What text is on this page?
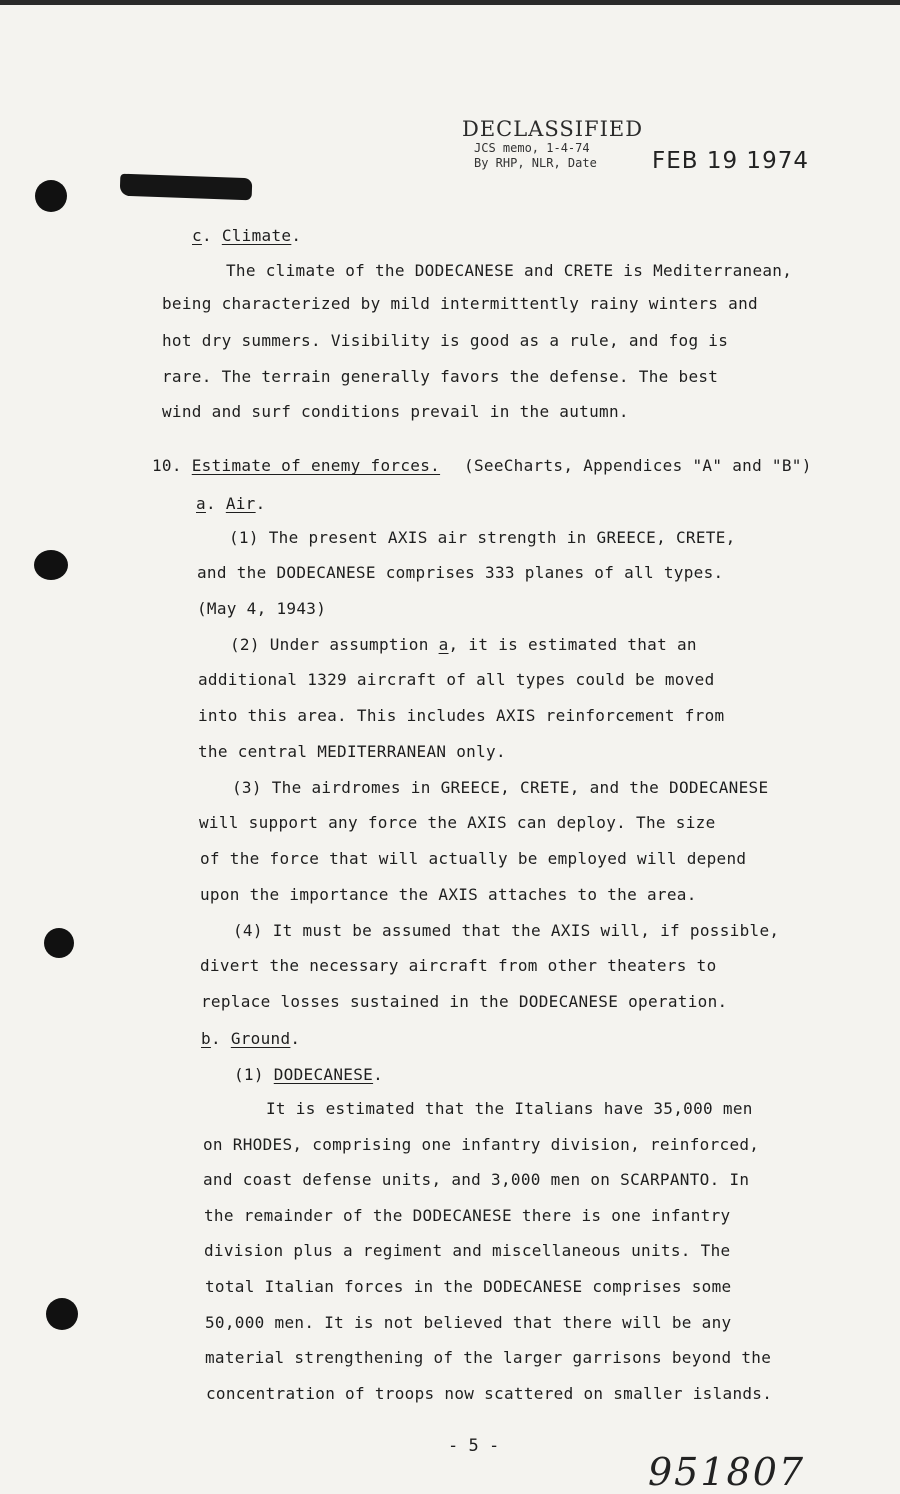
DECLASSIFIED
JCS memo, 1-4-74
By RHP, NLR, Date	FEB 19 1974
c. Climate.
The climate of the DODECANESE and CRETE is Mediterranean,
being characterized by mild intermittently rainy winters and
hot dry summers. Visibility is good as a rule, and fog is
rare. The terrain generally favors the defense. The best
wind and surf conditions prevail in the autumn.
10. Estimate of enemy forces. (SeeCharts, Appendices "A" and "B")
a. Air.
(1) The present AXIS air strength in GREECE, CRETE,
and the DODECANESE comprises 333 planes of all types.
(May 4, 1943)
(2) Under assumption a, it is estimated that an
additional 1329 aircraft of all types could be moved
into this area. This includes AXIS reinforcement from
the central MEDITERRANEAN only.
(3) The airdromes in GREECE, CRETE, and the DODECANESE
will support any force the AXIS can deploy. The size
of the force that will actually be employed will depend
upon the importance the AXIS attaches to the area.
(4) It must be assumed that the AXIS will, if possible,
divert the necessary aircraft from other theaters to
replace losses sustained in the DODECANESE operation.
b. Ground.
(1) DODECANESE.
It is estimated that the Italians have 35,000 men
on RHODES, comprising one infantry division, reinforced,
and coast defense units, and 3,000 men on SCARPANTO. In
the remainder of the DODECANESE there is one infantry
division plus a regiment and miscellaneous units. The
total Italian forces in the DODECANESE comprises some
50,000 men. It is not believed that there will be any
material strengthening of the larger garrisons beyond the
concentration of troops now scattered on smaller islands.
- 5 -
951807
